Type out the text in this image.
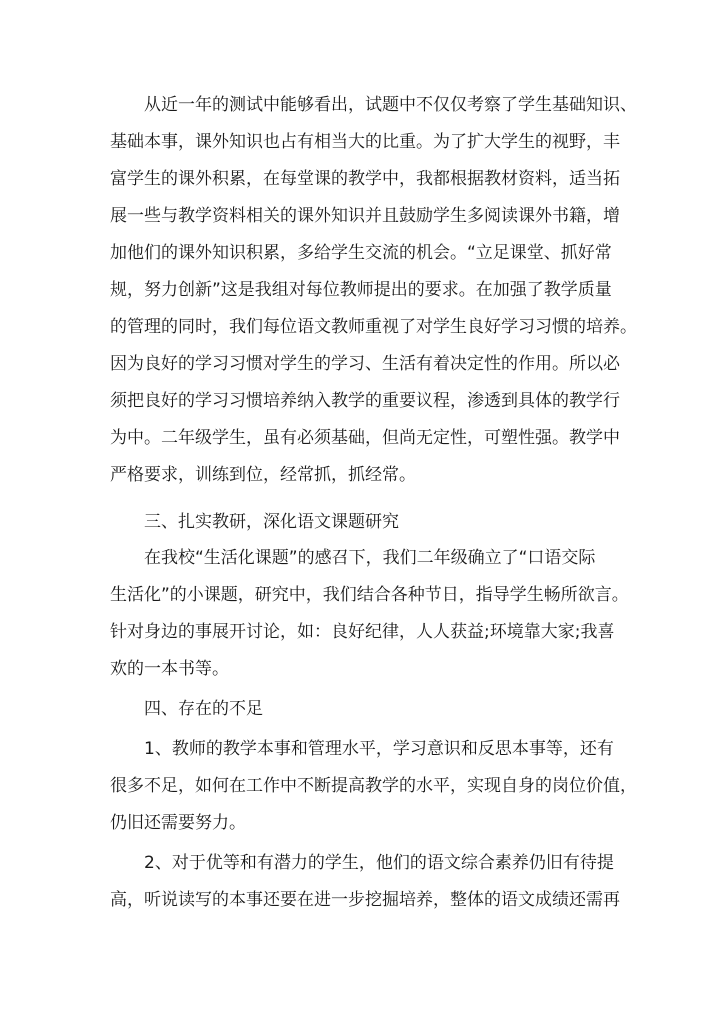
从近一年的测试中能够看出，试题中不仅仅考察了学生基础知识、
基础本事，课外知识也占有相当大的比重。为了扩大学生的视野，丰
富学生的课外积累，在每堂课的教学中，我都根据教材资料，适当拓
展一些与教学资料相关的课外知识并且鼓励学生多阅读课外书籍，增
加他们的课外知识积累，多给学生交流的机会。“立足课堂、抓好常
规，努力创新”这是我组对每位教师提出的要求。在加强了教学质量
的管理的同时，我们每位语文教师重视了对学生良好学习习惯的培养。
因为良好的学习习惯对学生的学习、生活有着决定性的作用。所以必
须把良好的学习习惯培养纳入教学的重要议程，渗透到具体的教学行
为中。二年级学生，虽有必须基础，但尚无定性，可塑性强。教学中
严格要求，训练到位，经常抓，抓经常。
三、扎实教研，深化语文课题研究
在我校“生活化课题”的感召下，我们二年级确立了“口语交际
生活化”的小课题，研究中，我们结合各种节日，指导学生畅所欲言。
针对身边的事展开讨论，如：良好纪律，人人获益;环境靠大家;我喜
欢的一本书等。
四、存在的不足
1、教师的教学本事和管理水平，学习意识和反思本事等，还有
很多不足，如何在工作中不断提高教学的水平，实现自身的岗位价值，
仍旧还需要努力。
2、对于优等和有潜力的学生，他们的语文综合素养仍旧有待提
高，听说读写的本事还要在进一步挖掘培养，整体的语文成绩还需再
